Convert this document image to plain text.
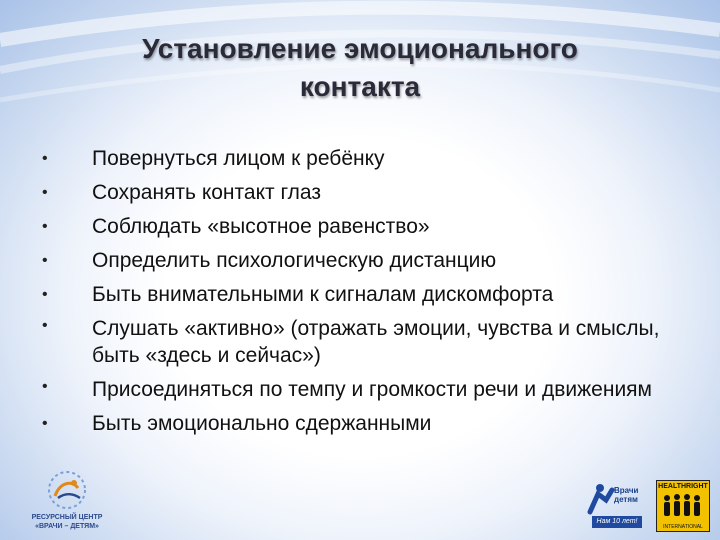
Установление эмоционального
контакта
• Повернуться лицом к ребёнку
• Сохранять контакт глаз
• Соблюдать «высотное равенство»
• Определить психологическую дистанцию
• Быть внимательными к сигналам дискомфорта
• Слушать «активно» (отражать эмоции, чувства и смыслы, быть «здесь и сейчас»)
• Присоединяться по темпу и громкости речи и движениям
• Быть эмоционально сдержанными
РЕСУРСНЫЙ ЦЕНТР
«ВРАЧИ – ДЕТЯМ»
Врачи
детям
Нам 10 лет!
HEALTHRIGHT
INTERNATIONAL
